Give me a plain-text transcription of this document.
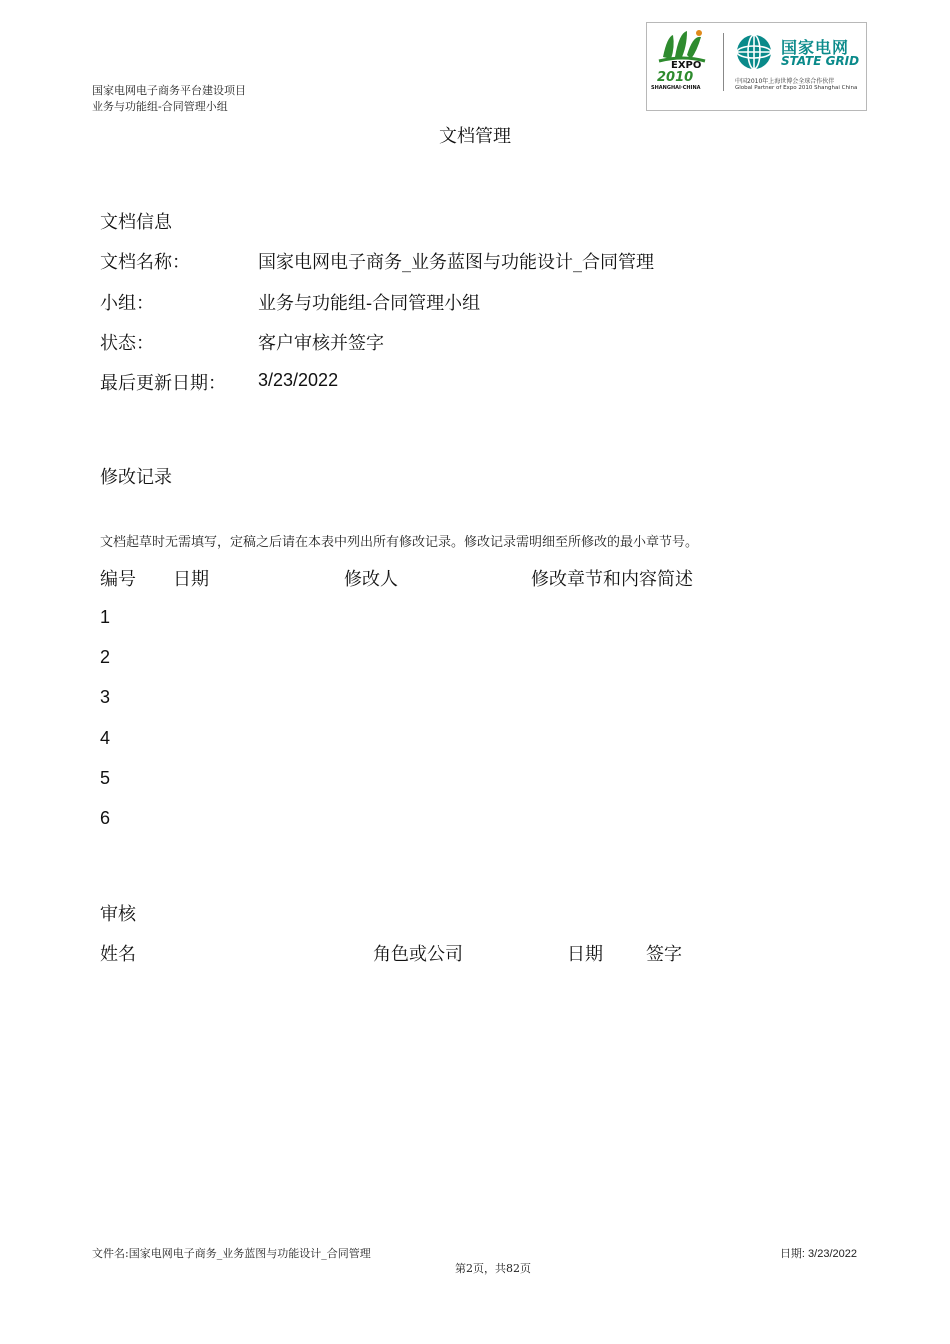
国家电网电子商务平台建设项目
业务与功能组-合同管理小组
文档管理
EXPO
2010
SHANGHAI·CHINA
国家电网
STATE GRID
中国2010年上海世博会全球合作伙伴
Global Partner of Expo 2010 Shanghai China
文档信息
文档名称：	国家电网电子商务_业务蓝图与功能设计_合同管理
小组：	业务与功能组-合同管理小组
状态：	客户审核并签字
最后更新日期： 3/23/2022
修改记录
文档起草时无需填写，定稿之后请在本表中列出所有修改记录。修改记录需明细至所修改的最小章节号。
编号 日期	修改人	修改章节和内容简述
1
2
3
4
5
6
审核
姓名	角色或公司	日期 签字
文件名:国家电网电子商务_业务蓝图与功能设计_合同管理	日期: 3/23/2022
第2页，共82页
